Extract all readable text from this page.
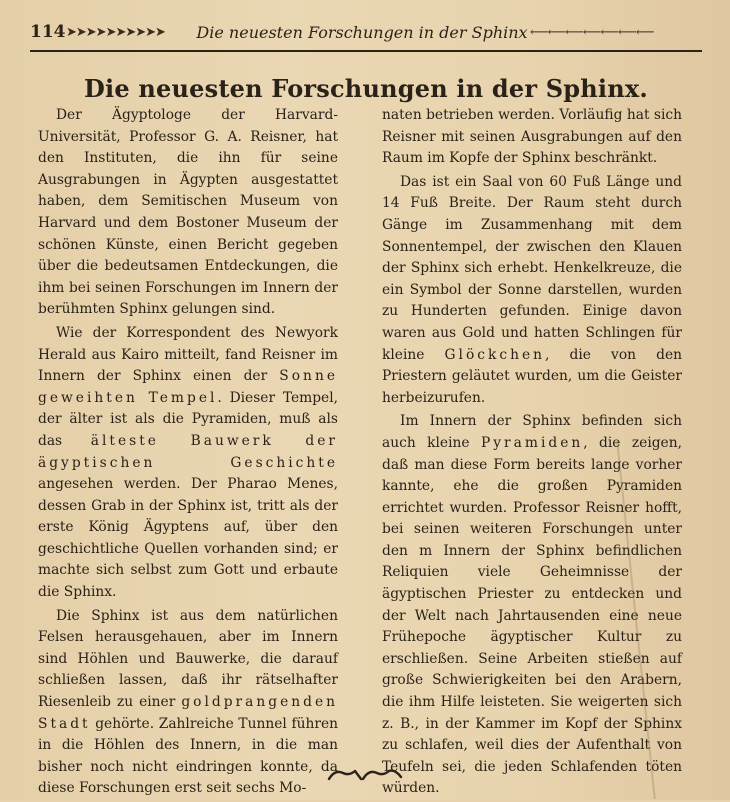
114 ➤➤➤➤➤➤➤➤➤➤	Die neuesten Forschungen in der Sphinx ⟵⟵⟵⟵⟵⟵⟵
Die neuesten Forschungen in der Sphinx.

Der Ägyptologe der Harvard-Universität, Professor G. A. Reisner, hat den Instituten, die ihn für seine Ausgrabungen in Ägypten ausgestattet haben, dem Semitischen Museum von Harvard und dem Bostoner Museum der schönen Künste, einen Bericht gegeben über die bedeutsamen Entdeckungen, die ihm bei seinen Forschungen im Innern der berühmten Sphinx gelungen sind.

Wie der Korrespondent des Newyork Herald aus Kairo mitteilt, fand Reisner im Innern der Sphinx einen der Sonne geweihten Tempel. Dieser Tempel, der älter ist als die Pyramiden, muß als das älteste Bauwerk der ägyptischen Geschichte angesehen werden. Der Pharao Menes, dessen Grab in der Sphinx ist, tritt als der erste König Ägyptens auf, über den geschichtliche Quellen vorhanden sind; er machte sich selbst zum Gott und erbaute die Sphinx.

Die Sphinx ist aus dem natürlichen Felsen herausgehauen, aber im Innern sind Höhlen und Bauwerke, die darauf schließen lassen, daß ihr rätselhafter Riesenleib zu einer goldprangenden Stadt gehörte. Zahlreiche Tunnel führen in die Höhlen des Innern, in die man bisher noch nicht eindringen konnte, da diese Forschungen erst seit sechs Mo-

naten betrieben werden. Vorläufig hat sich Reisner mit seinen Ausgrabungen auf den Raum im Kopfe der Sphinx beschränkt.

Das ist ein Saal von 60 Fuß Länge und 14 Fuß Breite. Der Raum steht durch Gänge im Zusammenhang mit dem Sonnentempel, der zwischen den Klauen der Sphinx sich erhebt. Henkelkreuze, die ein Symbol der Sonne darstellen, wurden zu Hunderten gefunden. Einige davon waren aus Gold und hatten Schlingen für kleine Glöckchen, die von den Priestern geläutet wurden, um die Geister herbeizurufen.

Im Innern der Sphinx befinden sich auch kleine Pyramiden, die zeigen, daß man diese Form bereits lange vorher kannte, ehe die großen Pyramiden errichtet wurden. Professor Reisner hofft, bei seinen weiteren Forschungen unter den m Innern der Sphinx befindlichen Reliquien viele Geheimnisse der ägyptischen Priester zu entdecken und der Welt nach Jahrtausenden eine neue Frühepoche ägyptischer Kultur zu erschließen. Seine Arbeiten stießen auf große Schwierigkeiten bei den Arabern, die ihm Hilfe leisteten. Sie weigerten sich z. B., in der Kammer im Kopf der Sphinx zu schlafen, weil dies der Aufenthalt von Teufeln sei, die jeden Schlafenden töten würden.
